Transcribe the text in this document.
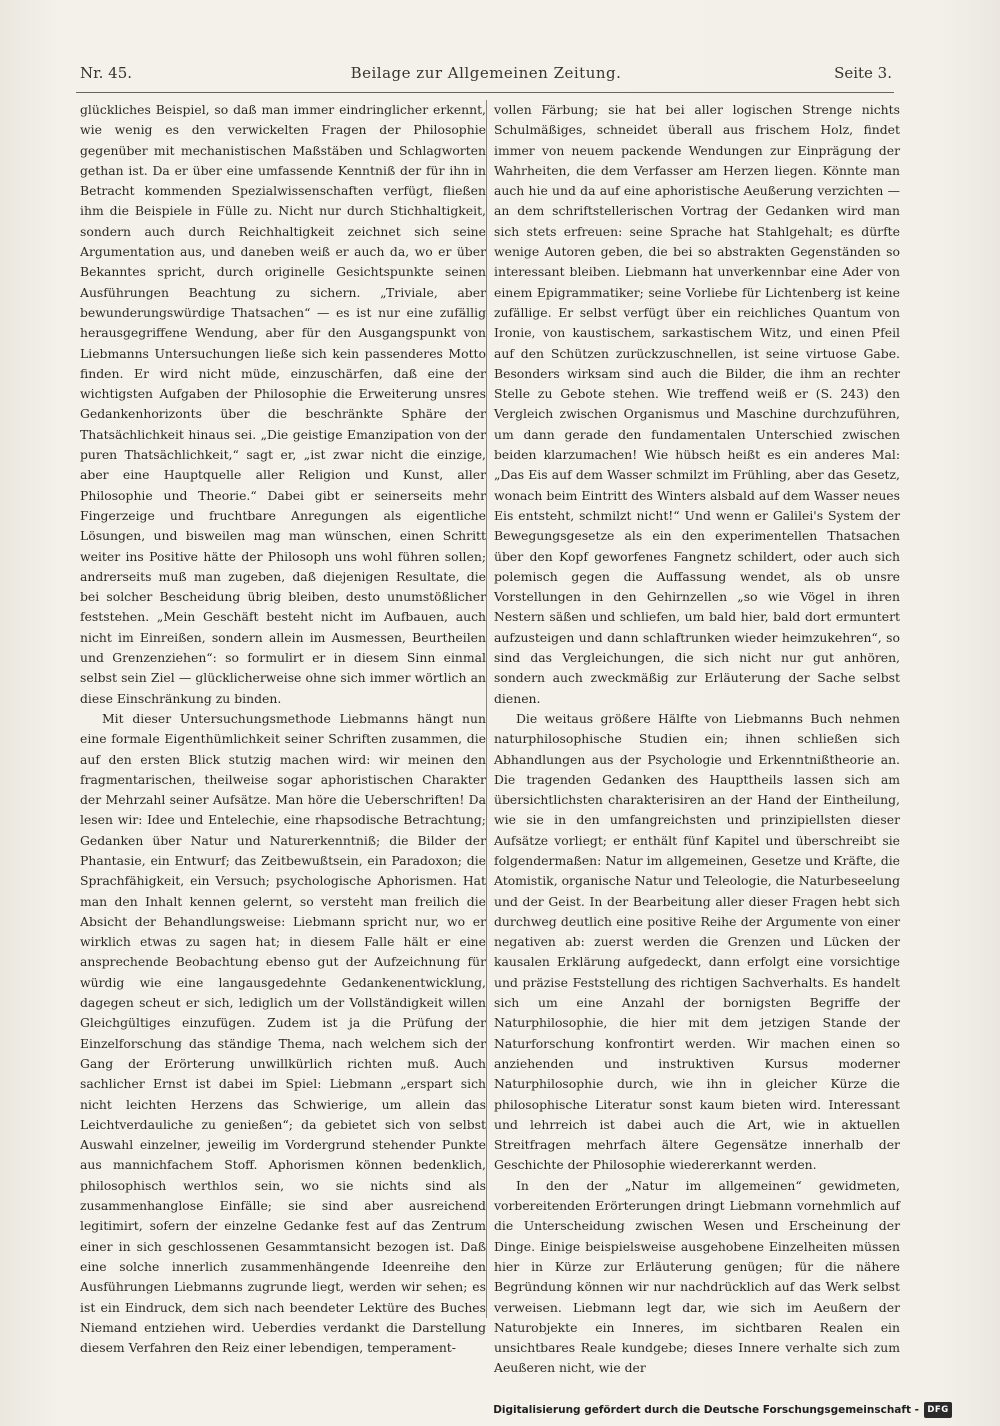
Nr. 45.	Beilage zur Allgemeinen Zeitung.	Seite 3.

glückliches Beispiel, so daß man immer eindringlicher erkennt, wie wenig es den verwickelten Fragen der Philosophie gegenüber mit mechanistischen Maßstäben und Schlagworten gethan ist. Da er über eine umfassende Kenntniß der für ihn in Betracht kommenden Spezialwissenschaften verfügt, fließen ihm die Beispiele in Fülle zu. Nicht nur durch Stichhaltigkeit, sondern auch durch Reichhaltigkeit zeichnet sich seine Argumentation aus, und daneben weiß er auch da, wo er über Bekanntes spricht, durch originelle Gesichtspunkte seinen Ausführungen Beachtung zu sichern. „Triviale, aber bewunderungswürdige Thatsachen“ — es ist nur eine zufällig herausgegriffene Wendung, aber für den Ausgangspunkt von Liebmanns Untersuchungen ließe sich kein passenderes Motto finden. Er wird nicht müde, einzuschärfen, daß eine der wichtigsten Aufgaben der Philosophie die Erweiterung unsres Gedankenhorizonts über die beschränkte Sphäre der Thatsächlichkeit hinaus sei. „Die geistige Emanzipation von der puren Thatsächlichkeit,“ sagt er, „ist zwar nicht die einzige, aber eine Hauptquelle aller Religion und Kunst, aller Philosophie und Theorie.“ Dabei gibt er seinerseits mehr Fingerzeige und fruchtbare Anregungen als eigentliche Lösungen, und bisweilen mag man wünschen, einen Schritt weiter ins Positive hätte der Philosoph uns wohl führen sollen; andrerseits muß man zugeben, daß diejenigen Resultate, die bei solcher Bescheidung übrig bleiben, desto unumstößlicher feststehen. „Mein Geschäft besteht nicht im Aufbauen, auch nicht im Einreißen, sondern allein im Ausmessen, Beurtheilen und Grenzenziehen“: so formulirt er in diesem Sinn einmal selbst sein Ziel — glücklicherweise ohne sich immer wörtlich an diese Einschränkung zu binden.

Mit dieser Untersuchungsmethode Liebmanns hängt nun eine formale Eigenthümlichkeit seiner Schriften zusammen, die auf den ersten Blick stutzig machen wird: wir meinen den fragmentarischen, theilweise sogar aphoristischen Charakter der Mehrzahl seiner Aufsätze. Man höre die Ueberschriften! Da lesen wir: Idee und Entelechie, eine rhapsodische Betrachtung; Gedanken über Natur und Naturerkenntniß; die Bilder der Phantasie, ein Entwurf; das Zeitbewußtsein, ein Paradoxon; die Sprachfähigkeit, ein Versuch; psychologische Aphorismen. Hat man den Inhalt kennen gelernt, so versteht man freilich die Absicht der Behandlungsweise: Liebmann spricht nur, wo er wirklich etwas zu sagen hat; in diesem Falle hält er eine ansprechende Beobachtung ebenso gut der Aufzeichnung für würdig wie eine langausgedehnte Gedankenentwicklung, dagegen scheut er sich, lediglich um der Vollständigkeit willen Gleichgültiges einzufügen. Zudem ist ja die Prüfung der Einzelforschung das ständige Thema, nach welchem sich der Gang der Erörterung unwillkürlich richten muß. Auch sachlicher Ernst ist dabei im Spiel: Liebmann „erspart sich nicht leichten Herzens das Schwierige, um allein das Leichtverdauliche zu genießen“; da gebietet sich von selbst Auswahl einzelner, jeweilig im Vordergrund stehender Punkte aus mannichfachem Stoff. Aphorismen können bedenklich, philosophisch werthlos sein, wo sie nichts sind als zusammenhanglose Einfälle; sie sind aber ausreichend legitimirt, sofern der einzelne Gedanke fest auf das Zentrum einer in sich geschlossenen Gesammtansicht bezogen ist. Daß eine solche innerlich zusammenhängende Ideenreihe den Ausführungen Liebmanns zugrunde liegt, werden wir sehen; es ist ein Eindruck, dem sich nach beendeter Lektüre des Buches Niemand entziehen wird. Ueberdies verdankt die Darstellung diesem Verfahren den Reiz einer lebendigen, temperament-

vollen Färbung; sie hat bei aller logischen Strenge nichts Schulmäßiges, schneidet überall aus frischem Holz, findet immer von neuem packende Wendungen zur Einprägung der Wahrheiten, die dem Verfasser am Herzen liegen. Könnte man auch hie und da auf eine aphoristische Aeußerung verzichten — an dem schriftstellerischen Vortrag der Gedanken wird man sich stets erfreuen: seine Sprache hat Stahlgehalt; es dürfte wenige Autoren geben, die bei so abstrakten Gegenständen so interessant bleiben. Liebmann hat unverkennbar eine Ader von einem Epigrammatiker; seine Vorliebe für Lichtenberg ist keine zufällige. Er selbst verfügt über ein reichliches Quantum von Ironie, von kaustischem, sarkastischem Witz, und einen Pfeil auf den Schützen zurückzuschnellen, ist seine virtuose Gabe. Besonders wirksam sind auch die Bilder, die ihm an rechter Stelle zu Gebote stehen. Wie treffend weiß er (S. 243) den Vergleich zwischen Organismus und Maschine durchzuführen, um dann gerade den fundamentalen Unterschied zwischen beiden klarzumachen! Wie hübsch heißt es ein anderes Mal: „Das Eis auf dem Wasser schmilzt im Frühling, aber das Gesetz, wonach beim Eintritt des Winters alsbald auf dem Wasser neues Eis entsteht, schmilzt nicht!“ Und wenn er Galilei's System der Bewegungsgesetze als ein den experimentellen Thatsachen über den Kopf geworfenes Fangnetz schildert, oder auch sich polemisch gegen die Auffassung wendet, als ob unsre Vorstellungen in den Gehirnzellen „so wie Vögel in ihren Nestern säßen und schliefen, um bald hier, bald dort ermuntert aufzusteigen und dann schlaftrunken wieder heimzukehren“, so sind das Vergleichungen, die sich nicht nur gut anhören, sondern auch zweckmäßig zur Erläuterung der Sache selbst dienen.

Die weitaus größere Hälfte von Liebmanns Buch nehmen naturphilosophische Studien ein; ihnen schließen sich Abhandlungen aus der Psychologie und Erkenntnißtheorie an. Die tragenden Gedanken des Haupttheils lassen sich am übersichtlichsten charakterisiren an der Hand der Eintheilung, wie sie in den umfangreichsten und prinzipiellsten dieser Aufsätze vorliegt; er enthält fünf Kapitel und überschreibt sie folgendermaßen: Natur im allgemeinen, Gesetze und Kräfte, die Atomistik, organische Natur und Teleologie, die Naturbeseelung und der Geist. In der Bearbeitung aller dieser Fragen hebt sich durchweg deutlich eine positive Reihe der Argumente von einer negativen ab: zuerst werden die Grenzen und Lücken der kausalen Erklärung aufgedeckt, dann erfolgt eine vorsichtige und präzise Feststellung des richtigen Sachverhalts. Es handelt sich um eine Anzahl der bornigsten Begriffe der Naturphilosophie, die hier mit dem jetzigen Stande der Naturforschung konfrontirt werden. Wir machen einen so anziehenden und instruktiven Kursus moderner Naturphilosophie durch, wie ihn in gleicher Kürze die philosophische Literatur sonst kaum bieten wird. Interessant und lehrreich ist dabei auch die Art, wie in aktuellen Streitfragen mehrfach ältere Gegensätze innerhalb der Geschichte der Philosophie wiedererkannt werden.

In den der „Natur im allgemeinen“ gewidmeten, vorbereitenden Erörterungen dringt Liebmann vornehmlich auf die Unterscheidung zwischen Wesen und Erscheinung der Dinge. Einige beispielsweise ausgehobene Einzelheiten müssen hier in Kürze zur Erläuterung genügen; für die nähere Begründung können wir nur nachdrücklich auf das Werk selbst verweisen. Liebmann legt dar, wie sich im Aeußern der Naturobjekte ein Inneres, im sichtbaren Realen ein unsichtbares Reale kundgebe; dieses Innere verhalte sich zum Aeußeren nicht, wie der

Digitalisierung gefördert durch die Deutsche Forschungsgemeinschaft - DFG
